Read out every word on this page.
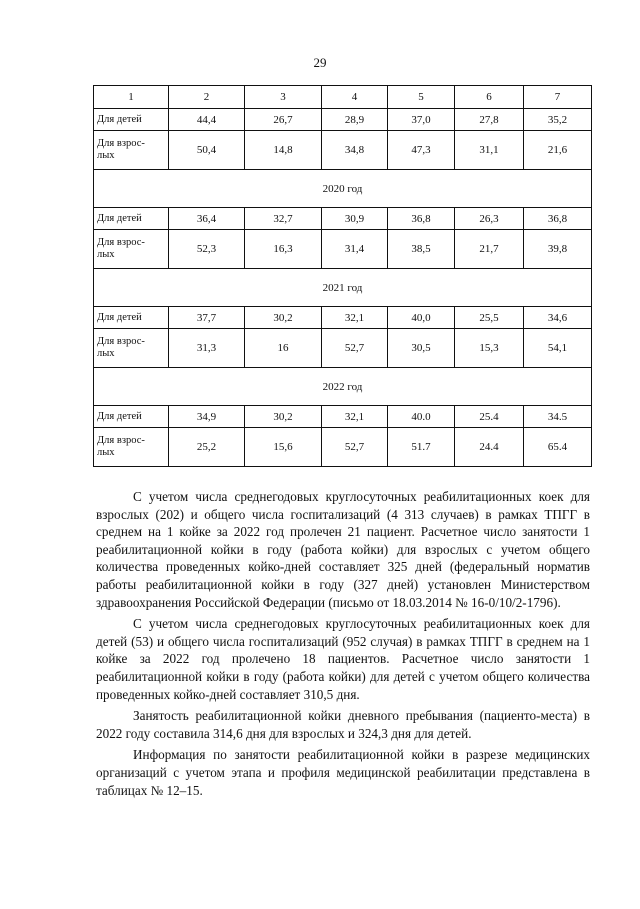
29
1	2	3	4	5	6	7
Для детей	44,4	26,7	28,9	37,0	27,8	35,2
Для взрос-
лых	50,4	14,8	34,8	47,3	31,1	21,6
2020 год						
Для детей	36,4	32,7	30,9	36,8	26,3	36,8
Для взрос-
лых	52,3	16,3	31,4	38,5	21,7	39,8
2021 год						
Для детей	37,7	30,2	32,1	40,0	25,5	34,6
Для взрос-
лых	31,3	16	52,7	30,5	15,3	54,1
2022 год						
Для детей	34,9	30,2	32,1	40.0	25.4	34.5
Для взрос-
лых	25,2	15,6	52,7	51.7	24.4	65.4

С учетом числа среднегодовых круглосуточных реабилитационных коек для взрослых (202) и общего числа госпитализаций (4 313 случаев) в рамках ТПГГ в среднем на 1 койке за 2022 год пролечен 21 пациент. Расчетное число занятости 1 реабилитационной койки в году (работа койки) для взрослых с учетом общего количества проведенных койко-дней составляет 325 дней (федеральный норматив работы реабилитационной койки в году (327 дней) установлен Министерством здравоохранения Российской Федерации (письмо от 18.03.2014 № 16-0/10/2-1796).

С учетом числа среднегодовых круглосуточных реабилитационных коек для детей (53) и общего числа госпитализаций (952 случая) в рамках ТПГГ в среднем на 1 койке за 2022 год пролечено 18 пациентов. Расчетное число занятости 1 реабилитационной койки в году (работа койки) для детей с учетом общего количества проведенных койко-дней составляет 310,5 дня.

Занятость реабилитационной койки дневного пребывания (пациенто-места) в 2022 году составила 314,6 дня для взрослых и 324,3 дня для детей.

Информация по занятости реабилитационной койки в разрезе медицинских организаций с учетом этапа и профиля медицинской реабилитации представлена в таблицах № 12–15.
